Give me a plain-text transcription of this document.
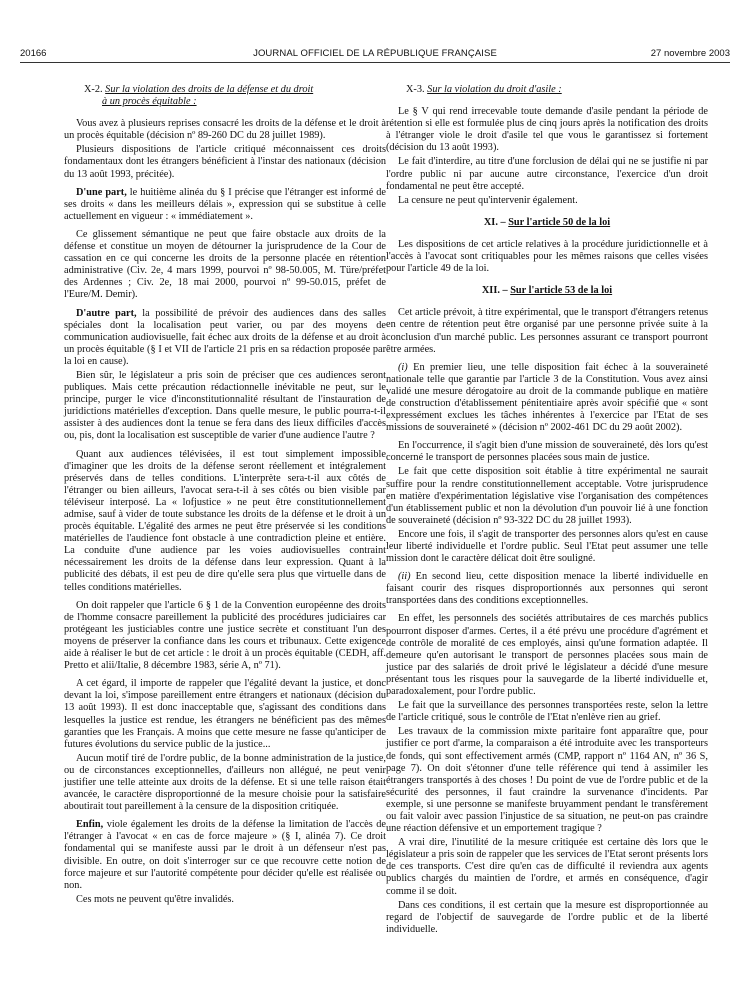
20166	JOURNAL OFFICIEL DE LA RÉPUBLIQUE FRANÇAISE	27 novembre 2003
X-2. Sur la violation des droits de la défense et du droit
à un procès équitable :

Vous avez à plusieurs reprises consacré les droits de la défense et le droit à un procès équitable (décision nº 89-260 DC du 28 juillet 1989).

Plusieurs dispositions de l'article critiqué méconnaissent ces droits fondamentaux dont les étrangers bénéficient à l'instar des nationaux (décision du 13 août 1993, précitée).

D'une part, le huitième alinéa du § I précise que l'étranger est informé de ses droits « dans les meilleurs délais », expression qui se substitue à celle actuellement en vigueur : « immédiatement ».

Ce glissement sémantique ne peut que faire obstacle aux droits de la défense et constitue un moyen de détourner la jurisprudence de la Cour de cassation en ce qui concerne les droits de la personne placée en rétention administrative (Civ. 2e, 4 mars 1999, pourvoi nº 98-50.005, M. Türe/préfet des Ardennes ; Civ. 2e, 18 mai 2000, pourvoi nº 99-50.015, préfet de l'Eure/M. Demir).

D'autre part, la possibilité de prévoir des audiences dans des salles spéciales dont la localisation peut varier, ou par des moyens de communication audiovisuelle, fait échec aux droits de la défense et au droit à un procès équitable (§ I et VII de l'article 21 pris en sa rédaction proposée par la loi en cause).

Bien sûr, le législateur a pris soin de préciser que ces audiences seront publiques. Mais cette précaution rédactionnelle inévitable ne peut, sur le principe, purger le vice d'inconstitutionnalité résultant de l'instauration de juridictions matérielles d'exception. Dans quelle mesure, le public pourra-t-il assister à des audiences dont la tenue se fera dans des lieux difficiles d'accès ou, pis, dont la localisation est susceptible de varier d'une audience l'autre ?

Quant aux audiences télévisées, il est tout simplement impossible d'imaginer que les droits de la défense seront réellement et intégralement préservés dans de telles conditions. L'interprète sera-t-il aux côtés de l'étranger ou bien ailleurs, l'avocat sera-t-il à ses côtés ou bien visible par téléviseur interposé. La « lofjustice » ne peut être constitutionnellement admise, sauf à vider de toute substance les droits de la défense et le droit à un procès équitable. L'égalité des armes ne peut être préservée si les conditions matérielles de l'audience font obstacle à une contradiction pleine et entière. La conduite d'une audience par les voies audiovisuelles contraint nécessairement les droits de la défense dans leur expression. Quant à la publicité des débats, il est peu de dire qu'elle sera plus que virtuelle dans de telles conditions matérielles.

On doit rappeler que l'article 6 § 1 de la Convention européenne des droits de l'homme consacre pareillement la publicité des procédures judiciaires car protégeant les justiciables contre une justice secrète et constituant l'un des moyens de préserver la confiance dans les cours et tribunaux. Cette exigence aide à réaliser le but de cet article : le droit à un procès équitable (CEDH, aff. Pretto et alii/Italie, 8 décembre 1983, série A, nº 71).

A cet égard, il importe de rappeler que l'égalité devant la justice, et donc devant la loi, s'impose pareillement entre étrangers et nationaux (décision du 13 août 1993). Il est donc inacceptable que, s'agissant des conditions dans lesquelles la justice est rendue, les étrangers ne bénéficient pas des mêmes garanties que les Français. A moins que cette mesure ne fasse qu'anticiper de futures évolutions du service public de la justice...

Aucun motif tiré de l'ordre public, de la bonne administration de la justice, ou de circonstances exceptionnelles, d'ailleurs non allégué, ne peut venir justifier une telle atteinte aux droits de la défense. Et si une telle raison était avancée, le caractère disproportionné de la mesure choisie pour la satisfaire aboutirait tout pareillement à la censure de la disposition critiquée.

Enfin, viole également les droits de la défense la limitation de l'accès de l'étranger à l'avocat « en cas de force majeure » (§ I, alinéa 7). Ce droit fondamental qui se manifeste aussi par le droit à un défenseur n'est pas divisible. En outre, on doit s'interroger sur ce que recouvre cette notion de force majeure et sur l'autorité compétente pour décider qu'elle est réalisée ou non.

Ces mots ne peuvent qu'être invalidés.

X-3. Sur la violation du droit d'asile :

Le § V qui rend irrecevable toute demande d'asile pendant la période de rétention si elle est formulée plus de cinq jours après la notification des droits à l'étranger viole le droit d'asile tel que vous le garantissez si fortement (décision du 13 août 1993).

Le fait d'interdire, au titre d'une forclusion de délai qui ne se justifie ni par l'ordre public ni par aucune autre circonstance, l'exercice d'un droit fondamental ne peut être accepté.

La censure ne peut qu'intervenir également.

XI. – Sur l'article 50 de la loi

Les dispositions de cet article relatives à la procédure juridictionnelle et à l'accès à l'avocat sont critiquables pour les mêmes raisons que celles visées pour l'article 49 de la loi.

XII. – Sur l'article 53 de la loi

Cet article prévoit, à titre expérimental, que le transport d'étrangers retenus en centre de rétention peut être organisé par une personne privée suite à la conclusion d'un marché public. Les personnes assurant ce transport pourront être armées.

(i) En premier lieu, une telle disposition fait échec à la souveraineté nationale telle que garantie par l'article 3 de la Constitution. Vous avez ainsi validé une mesure dérogatoire au droit de la commande publique en matière de construction d'établissement pénitentiaire après avoir spécifié que « sont expressément exclues les tâches inhérentes à l'exercice par l'Etat de ses missions de souveraineté » (décision nº 2002-461 DC du 29 août 2002).

En l'occurrence, il s'agit bien d'une mission de souveraineté, dès lors qu'est concerné le transport de personnes placées sous main de justice.

Le fait que cette disposition soit établie à titre expérimental ne saurait suffire pour la rendre constitutionnellement acceptable. Votre jurisprudence en matière d'expérimentation législative vise l'organisation des compétences d'un établissement public et non la dévolution d'un pouvoir lié à une fonction de souveraineté (décision nº 93-322 DC du 28 juillet 1993).

Encore une fois, il s'agit de transporter des personnes alors qu'est en cause leur liberté individuelle et l'ordre public. Seul l'Etat peut assumer une telle mission dont le caractère délicat doit être souligné.

(ii) En second lieu, cette disposition menace la liberté individuelle en faisant courir des risques disproportionnés aux personnes qui seront transportées dans des conditions exceptionnelles.

En effet, les personnels des sociétés attributaires de ces marchés publics pourront disposer d'armes. Certes, il a été prévu une procédure d'agrément et de contrôle de moralité de ces employés, ainsi qu'une formation adaptée. Il demeure qu'en autorisant le transport de personnes placées sous main de justice par des salariés de droit privé le législateur a décidé d'une mesure présentant tous les risques pour la sauvegarde de la liberté individuelle et, paradoxalement, pour l'ordre public.

Le fait que la surveillance des personnes transportées reste, selon la lettre de l'article critiqué, sous le contrôle de l'Etat n'enlève rien au grief.

Les travaux de la commission mixte paritaire font apparaître que, pour justifier ce port d'arme, la comparaison a été introduite avec les transporteurs de fonds, qui sont effectivement armés (CMP, rapport nº 1164 AN, nº 36 S, page 7). On doit s'étonner d'une telle référence qui tend à assimiler les étrangers transportés à des choses ! Du point de vue de l'ordre public et de la sécurité des personnes, il faut craindre la survenance d'incidents. Par exemple, si une personne se manifeste bruyamment pendant le transfèrement ou fait valoir avec passion l'injustice de sa situation, ne peut-on pas craindre une réaction défensive et un emportement tragique ?

A vrai dire, l'inutilité de la mesure critiquée est certaine dès lors que le législateur a pris soin de rappeler que les services de l'Etat seront présents lors de ces transports. C'est dire qu'en cas de difficulté il reviendra aux agents publics chargés du maintien de l'ordre, et armés en conséquence, d'agir comme il se doit.

Dans ces conditions, il est certain que la mesure est disproportionnée au regard de l'objectif de sauvegarde de l'ordre public et de la liberté individuelle.
